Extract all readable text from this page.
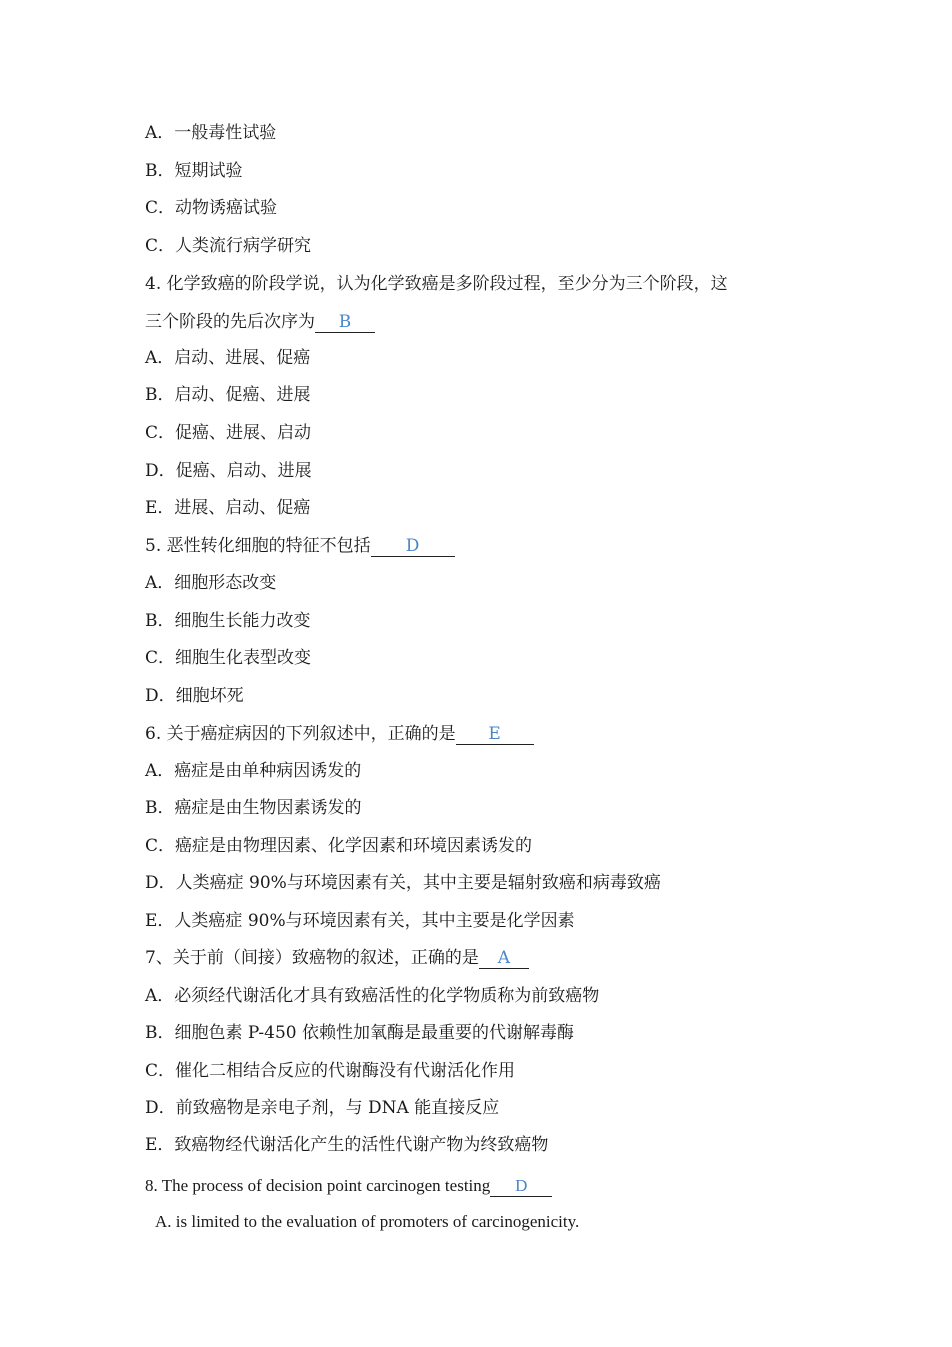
A．一般毒性试验
B．短期试验
C．动物诱癌试验
C．人类流行病学研究
4. 化学致癌的阶段学说，认为化学致癌是多阶段过程，至少分为三个阶段，这
三个阶段的先后次序为 B
A．启动、进展、促癌
B．启动、促癌、进展
C．促癌、进展、启动
D．促癌、启动、进展
E．进展、启动、促癌
5. 恶性转化细胞的特征不包括 D
A．细胞形态改变
B．细胞生长能力改变
C．细胞生化表型改变
D．细胞坏死
6. 关于癌症病因的下列叙述中，正确的是 E
A．癌症是由单种病因诱发的
B．癌症是由生物因素诱发的
C．癌症是由物理因素、化学因素和环境因素诱发的
D．人类癌症 90%与环境因素有关，其中主要是辐射致癌和病毒致癌
E．人类癌症 90%与环境因素有关，其中主要是化学因素
7、关于前（间接）致癌物的叙述，正确的是 A
A．必须经代谢活化才具有致癌活性的化学物质称为前致癌物
B．细胞色素 P-450 依赖性加氧酶是最重要的代谢解毒酶
C．催化二相结合反应的代谢酶没有代谢活化作用
D．前致癌物是亲电子剂，与 DNA 能直接反应
E．致癌物经代谢活化产生的活性代谢产物为终致癌物
8. The process of decision point carcinogen testing D
A. is limited to the evaluation of promoters of carcinogenicity.
